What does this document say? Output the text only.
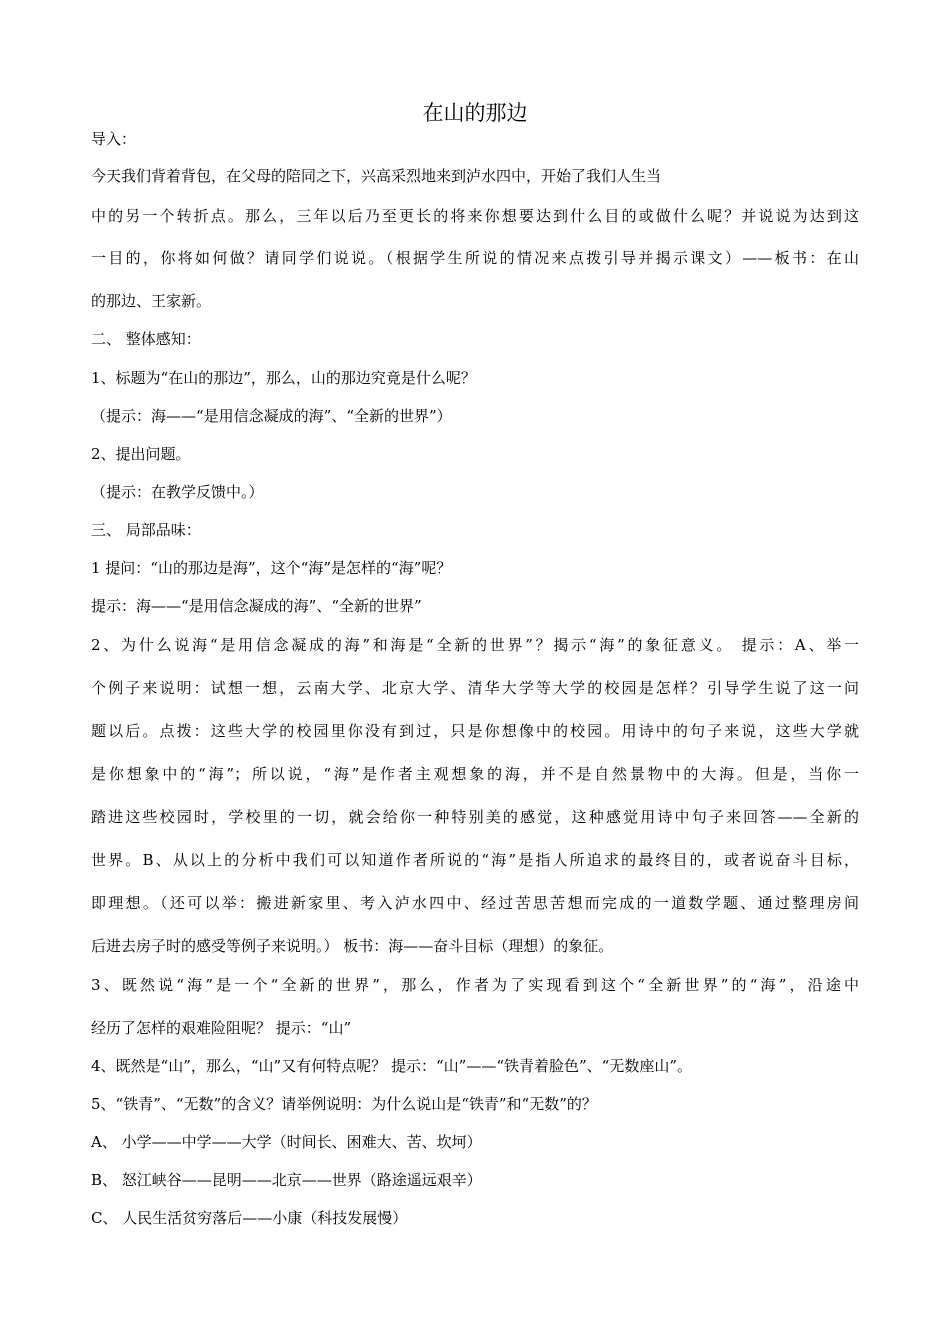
在山的那边

导入：

今天我们背着背包，在父母的陪同之下，兴高采烈地来到泸水四中，开始了我们人生当

中的另一个转折点。那么，三年以后乃至更长的将来你想要达到什么目的或做什么呢？并说说为达到这

一目的，你将如何做？请同学们说说。（根据学生所说的情况来点拨引导并揭示课文）——板书：在山

的那边、王家新。

二、 整体感知：

1、标题为“在山的那边”，那么，山的那边究竟是什么呢？

（提示：海——“是用信念凝成的海”、“全新的世界”）

2、提出问题。

（提示：在教学反馈中。）

三、 局部品味：

1 提问：“山的那边是海”，这个“海”是怎样的“海”呢？

提示：海——“是用信念凝成的海”、“全新的世界”

2、为什么说海“是用信念凝成的海”和海是“全新的世界”？揭示“海”的象征意义。 提示：A、举一

个例子来说明：试想一想，云南大学、北京大学、清华大学等大学的校园是怎样？引导学生说了这一问

题以后。点拨：这些大学的校园里你没有到过，只是你想像中的校园。用诗中的句子来说，这些大学就

是你想象中的“海”；所以说，“海”是作者主观想象的海，并不是自然景物中的大海。但是，当你一

踏进这些校园时，学校里的一切，就会给你一种特别美的感觉，这种感觉用诗中句子来回答——全新的

世界。B、从以上的分析中我们可以知道作者所说的“海”是指人所追求的最终目的，或者说奋斗目标，

即理想。（还可以举：搬进新家里、考入泸水四中、经过苦思苦想而完成的一道数学题、通过整理房间

后进去房子时的感受等例子来说明。） 板书：海——奋斗目标（理想）的象征。

3、既然说“海”是一个“全新的世界”，那么，作者为了实现看到这个“全新世界”的“海”，沿途中

经历了怎样的艰难险阻呢？ 提示：“山”

4、既然是“山”，那么，“山”又有何特点呢？ 提示：“山”——“铁青着脸色”、“无数座山”。

5、“铁青”、“无数”的含义？请举例说明：为什么说山是“铁青”和“无数”的？

A、 小学——中学——大学（时间长、困难大、苦、坎坷）

B、 怒江峡谷——昆明——北京——世界（路途遥远艰辛）

C、 人民生活贫穷落后——小康（科技发展慢）
